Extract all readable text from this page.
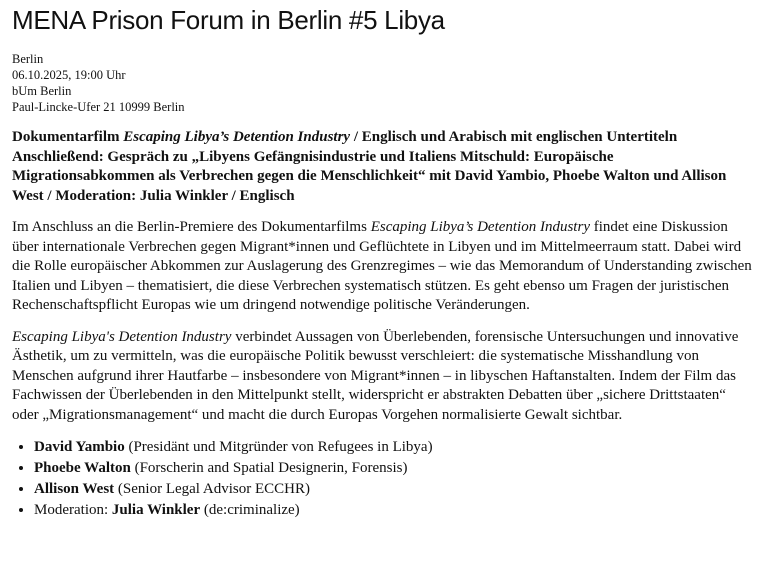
MENA Prison Forum in Berlin #5 Libya
Berlin
06.10.2025, 19:00 Uhr
bUm Berlin
Paul-Lincke-Ufer 21 10999 Berlin
Dokumentarfilm Escaping Libya’s Detention Industry / Englisch und Arabisch mit englischen Untertiteln Anschließend: Gespräch zu „Libyens Gefängnisindustrie und Italiens Mitschuld: Europäische Migrationsabkommen als Verbrechen gegen die Menschlichkeit“ mit David Yambio, Phoebe Walton und Allison West / Moderation: Julia Winkler / Englisch
Im Anschluss an die Berlin-Premiere des Dokumentarfilms Escaping Libya’s Detention Industry findet eine Diskussion über internationale Verbrechen gegen Migrant*innen und Geflüchtete in Libyen und im Mittelmeerraum statt. Dabei wird die Rolle europäischer Abkommen zur Auslagerung des Grenzregimes – wie das Memorandum of Understanding zwischen Italien und Libyen – thematisiert, die diese Verbrechen systematisch stützen. Es geht ebenso um Fragen der juristischen Rechenschaftspflicht Europas wie um dringend notwendige politische Veränderungen.
Escaping Libya's Detention Industry verbindet Aussagen von Überlebenden, forensische Untersuchungen und innovative Ästhetik, um zu vermitteln, was die europäische Politik bewusst verschleiert: die systematische Misshandlung von Menschen aufgrund ihrer Hautfarbe – insbesondere von Migrant*innen – in libyschen Haftanstalten. Indem der Film das Fachwissen der Überlebenden in den Mittelpunkt stellt, widerspricht er abstrakten Debatten über „sichere Drittstaaten“ oder „Migrationsmanagement“ und macht die durch Europas Vorgehen normalisierte Gewalt sichtbar.
• David Yambio (Presidänt und Mitgründer von Refugees in Libya)
• Phoebe Walton (Forscherin and Spatial Designerin, Forensis)
• Allison West (Senior Legal Advisor ECCHR)
• Moderation: Julia Winkler (de:criminalize)
